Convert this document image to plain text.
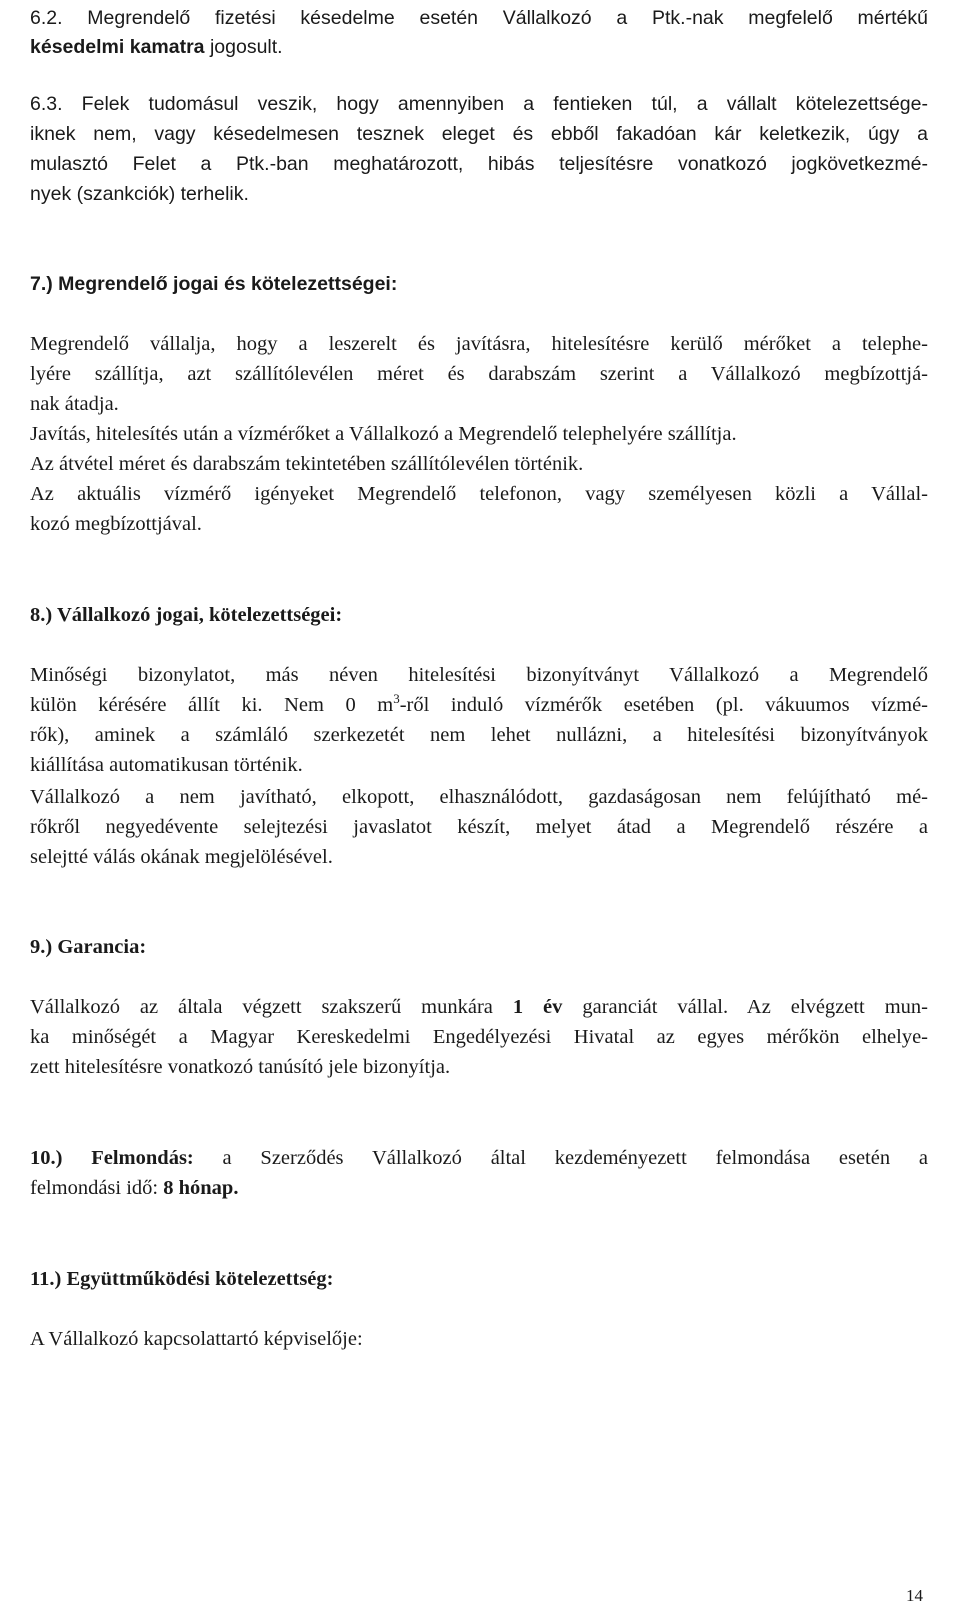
6.2. Megrendelő fizetési késedelme esetén Vállalkozó a Ptk.-nak megfelelő mértékű
késedelmi kamatra jogosult.
6.3. Felek tudomásul veszik, hogy amennyiben a fentieken túl, a vállalt kötelezettsége-
iknek nem, vagy késedelmesen tesznek eleget és ebből fakadóan kár keletkezik, úgy a
mulasztó Felet a Ptk.-ban meghatározott, hibás teljesítésre vonatkozó jogkövetkezmé-
nyek (szankciók) terhelik.
7.) Megrendelő jogai és kötelezettségei:
Megrendelő vállalja, hogy a leszerelt és javításra, hitelesítésre kerülő mérőket a telephe-
lyére szállítja, azt szállítólevélen méret és darabszám szerint a Vállalkozó megbízottjá-
nak átadja.
Javítás, hitelesítés után a vízmérőket a Vállalkozó a Megrendelő telephelyére szállítja.
Az átvétel méret és darabszám tekintetében szállítólevélen történik.
Az aktuális vízmérő igényeket Megrendelő telefonon, vagy személyesen közli a Vállal-
kozó megbízottjával.
8.) Vállalkozó jogai, kötelezettségei:
Minőségi bizonylatot, más néven hitelesítési bizonyítványt Vállalkozó a Megrendelő
külön kérésére állít ki. Nem 0 $m^3$-ről induló vízmérők esetében (pl. vákuumos vízmé-
rők), aminek a számláló szerkezetét nem lehet nullázni, a hitelesítési bizonyítványok
kiállítása automatikusan történik.
Vállalkozó a nem javítható, elkopott, elhasználódott, gazdaságosan nem felújítható mé-
rőkről negyedévente selejtezési javaslatot készít, melyet átad a Megrendelő részére a
selejtté válás okának megjelölésével.
9.) Garancia:
Vállalkozó az általa végzett szakszerű munkára 1 év garanciát vállal. Az elvégzett mun-
ka minőségét a Magyar Kereskedelmi Engedélyezési Hivatal az egyes mérőkön elhelye-
zett hitelesítésre vonatkozó tanúsító jele bizonyítja.
10.) Felmondás: a Szerződés Vállalkozó által kezdeményezett felmondása esetén a
felmondási idő: 8 hónap.
11.) Együttműködési kötelezettség:
A Vállalkozó kapcsolattartó képviselője:
14
